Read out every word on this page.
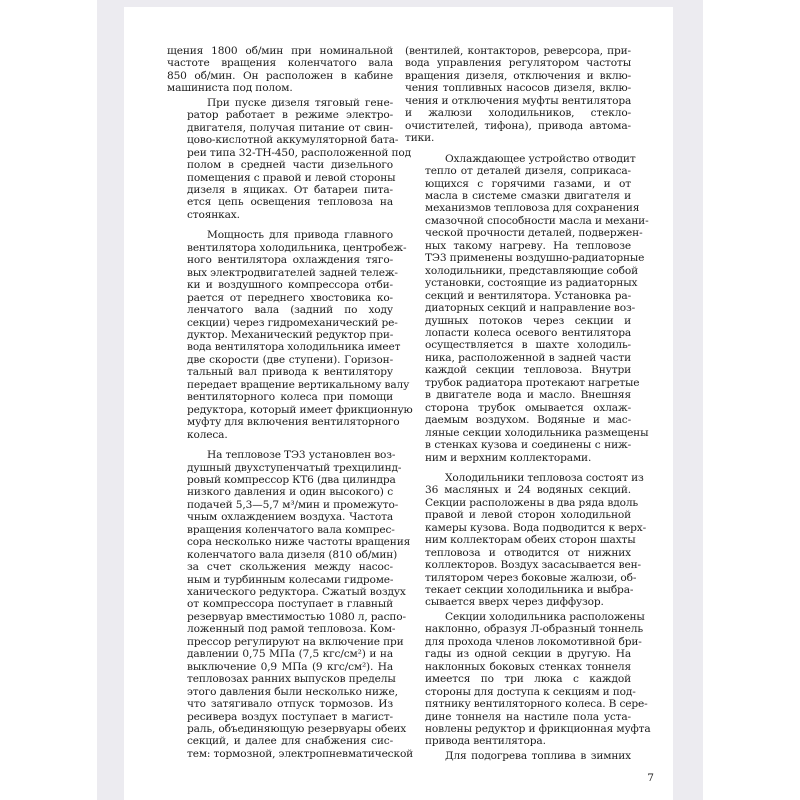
щения 1800 об/мин при номинальной
частоте вращения коленчатого вала
850 об/мин. Он расположен в кабине
машиниста под полом.

При пуске дизеля тяговый гене-
ратор работает в режиме электро-
двигателя, получая питание от свин-
цово-кислотной аккумуляторной бата-
реи типа 32-ТН-450, расположенной под
полом в средней части дизельного
помещения с правой и левой стороны
дизеля в ящиках. От батареи пита-
ется цепь освещения тепловоза на
стоянках.

Мощность для привода главного
вентилятора холодильника, центробеж-
ного вентилятора охлаждения тяго-
вых электродвигателей задней тележ-
ки и воздушного компрессора отби-
рается от переднего хвостовика ко-
ленчатого вала (задний по ходу
секции) через гидромеханический ре-
дуктор. Механический редуктор при-
вода вентилятора холодильника имеет
две скорости (две ступени). Горизон-
тальный вал привода к вентилятору
передает вращение вертикальному валу
вентиляторного колеса при помощи
редуктора, который имеет фрикционную
муфту для включения вентиляторного
колеса.

На тепловозе ТЭ3 установлен воз-
душный двухступенчатый трехцилинд-
ровый компрессор КТ6 (два цилиндра
низкого давления и один высокого) с
подачей 5,3—5,7 м³/мин и промежуто-
чным охлаждением воздуха. Частота
вращения коленчатого вала компрес-
сора несколько ниже частоты вращения
коленчатого вала дизеля (810 об/мин)
за счет скольжения между насос-
ным и турбинным колесами гидроме-
ханического редуктора. Сжатый воздух
от компрессора поступает в главный
резервуар вместимостью 1080 л, распо-
ложенный под рамой тепловоза. Ком-
прессор регулируют на включение при
давлении 0,75 МПа (7,5 кгс/см²) и на
выключение 0,9 МПа (9 кгс/см²). На
тепловозах ранних выпусков пределы
этого давления были несколько ниже,
что затягивало отпуск тормозов. Из
ресивера воздух поступает в магист-
раль, объединяющую резервуары обеих
секций, и далее для снабжения сис-
тем: тормозной, электропневматической

(вентилей, контакторов, реверсора, при-
вода управления регулятором частоты
вращения дизеля, отключения и вклю-
чения топливных насосов дизеля, вклю-
чения и отключения муфты вентилятора
и жалюзи холодильников, стекло-
очистителей, тифона), привода автома-
тики.

Охлаждающее устройство отводит
тепло от деталей дизеля, соприкаса-
ющихся с горячими газами, и от
масла в системе смазки двигателя и
механизмов тепловоза для сохранения
смазочной способности масла и механи-
ческой прочности деталей, подвержен-
ных такому нагреву. На тепловозе
ТЭ3 применены воздушно-радиаторные
холодильники, представляющие собой
установки, состоящие из радиаторных
секций и вентилятора. Установка ра-
диаторных секций и направление воз-
душных потоков через секции и
лопасти колеса осевого вентилятора
осуществляется в шахте холодиль-
ника, расположенной в задней части
каждой секции тепловоза. Внутри
трубок радиатора протекают нагретые
в двигателе вода и масло. Внешняя
сторона трубок омывается охлаж-
даемым воздухом. Водяные и мас-
ляные секции холодильника размещены
в стенках кузова и соединены с ниж-
ним и верхним коллекторами.

Холодильники тепловоза состоят из
36 масляных и 24 водяных секций.
Секции расположены в два ряда вдоль
правой и левой сторон холодильной
камеры кузова. Вода подводится к верх-
ним коллекторам обеих сторон шахты
тепловоза и отводится от нижних
коллекторов. Воздух засасывается вен-
тилятором через боковые жалюзи, об-
текает секции холодильника и выбра-
сывается вверх через диффузор.

Секции холодильника расположены
наклонно, образуя Л-образный тоннель
для прохода членов локомотивной бри-
гады из одной секции в другую. На
наклонных боковых стенках тоннеля
имеется по три люка с каждой
стороны для доступа к секциям и под-
пятнику вентиляторного колеса. В сере-
дине тоннеля на настиле пола уста-
новлены редуктор и фрикционная муфта
привода вентилятора.

Для подогрева топлива в зимних

7
